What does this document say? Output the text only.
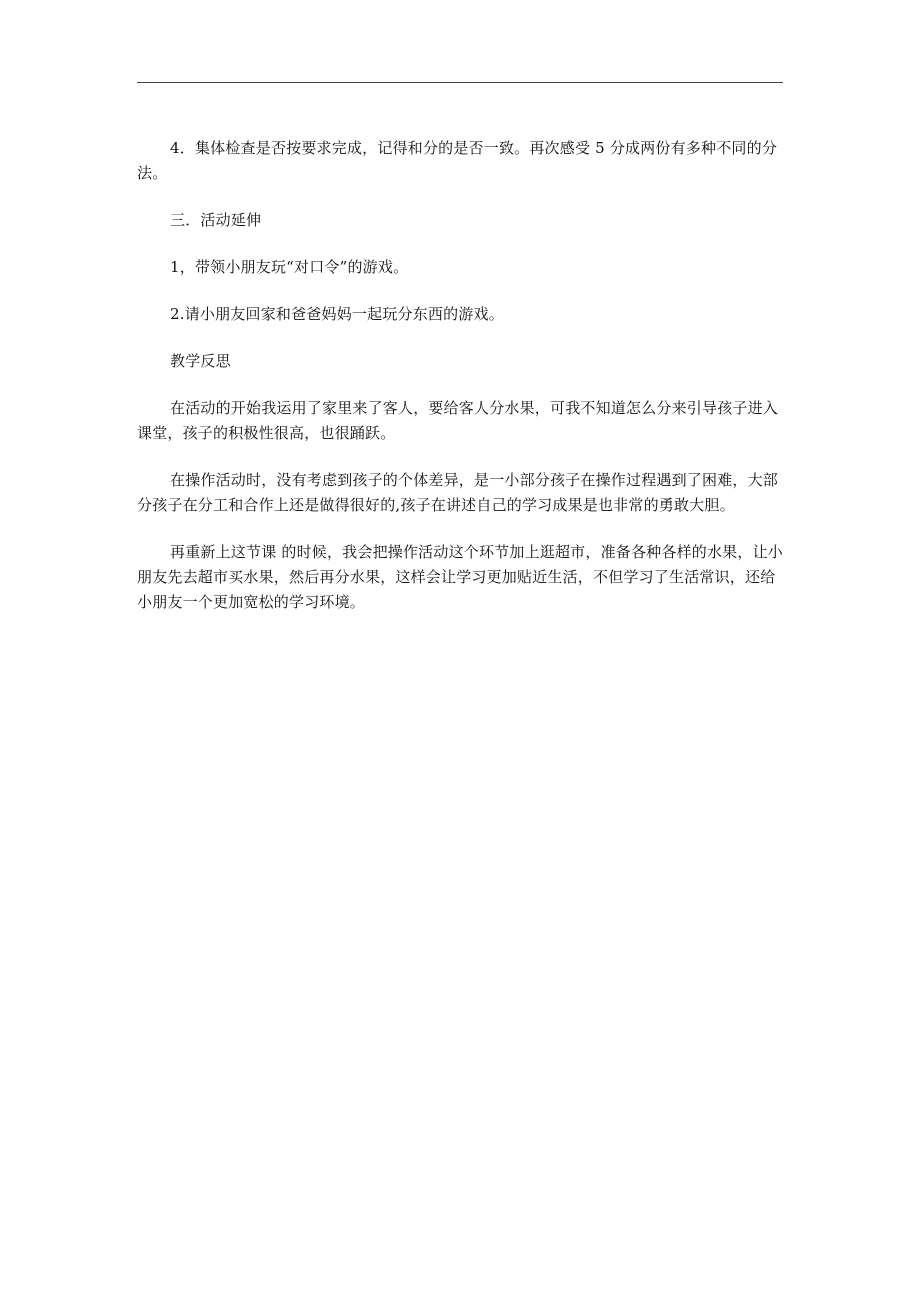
4．集体检查是否按要求完成，记得和分的是否一致。再次感受 5 分成两份有多种不同的分法。

三．活动延伸

1，带领小朋友玩“对口令”的游戏。

2.请小朋友回家和爸爸妈妈一起玩分东西的游戏。

教学反思

在活动的开始我运用了家里来了客人，要给客人分水果，可我不知道怎么分来引导孩子进入课堂，孩子的积极性很高，也很踊跃。

在操作活动时，没有考虑到孩子的个体差异，是一小部分孩子在操作过程遇到了困难，大部分孩子在分工和合作上还是做得很好的,孩子在讲述自己的学习成果是也非常的勇敢大胆。

再重新上这节课 的时候，我会把操作活动这个环节加上逛超市，准备各种各样的水果，让小朋友先去超市买水果，然后再分水果，这样会让学习更加贴近生活，不但学习了生活常识，还给小朋友一个更加宽松的学习环境。
